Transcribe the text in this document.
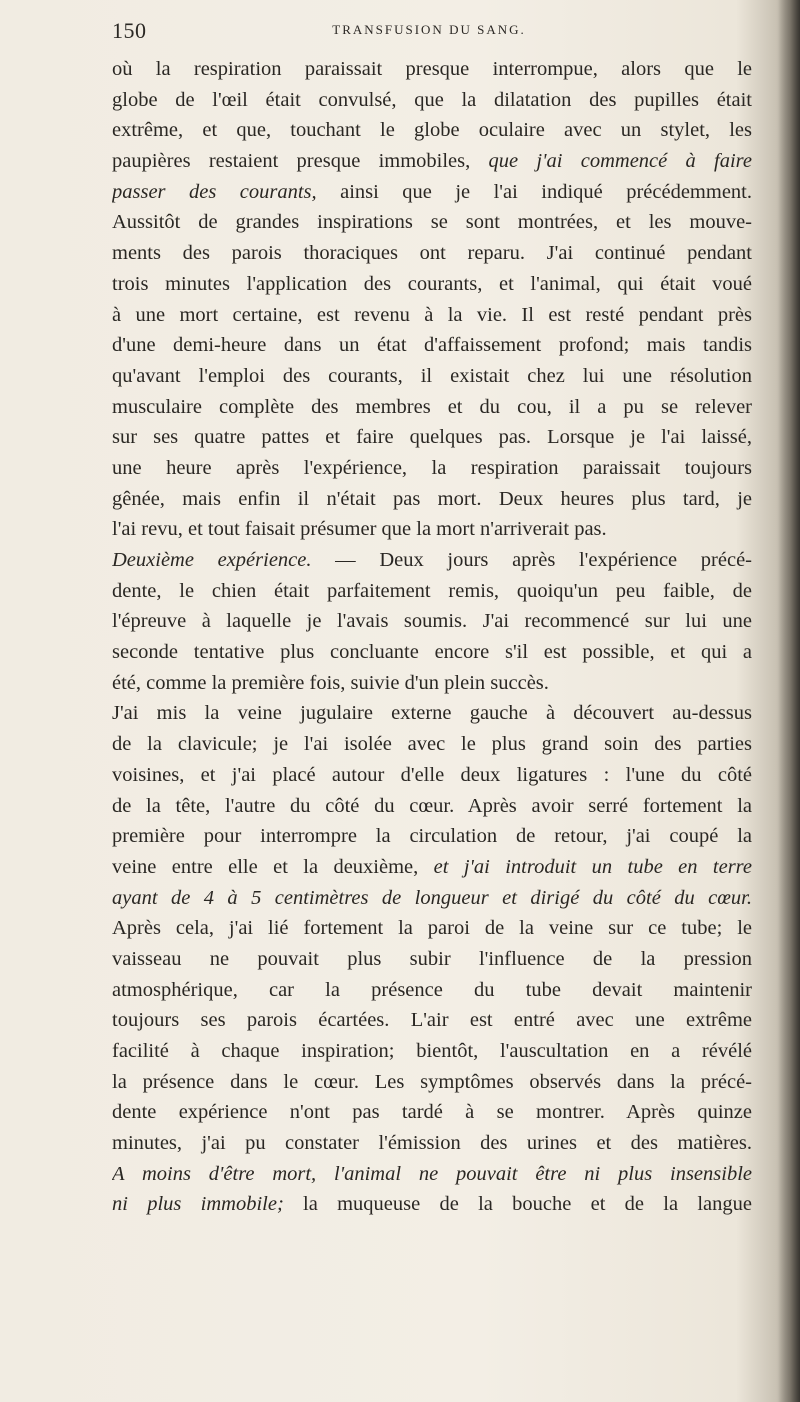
150	TRANSFUSION DU SANG.
où la respiration paraissait presque interrompue, alors que le
globe de l'œil était convulsé, que la dilatation des pupilles était
extrême, et que, touchant le globe oculaire avec un stylet, les
paupières restaient presque immobiles, que j'ai commencé à faire
passer des courants, ainsi que je l'ai indiqué précédemment.
Aussitôt de grandes inspirations se sont montrées, et les mouve-
ments des parois thoraciques ont reparu. J'ai continué pendant
trois minutes l'application des courants, et l'animal, qui était voué
à une mort certaine, est revenu à la vie. Il est resté pendant près
d'une demi-heure dans un état d'affaissement profond; mais tandis
qu'avant l'emploi des courants, il existait chez lui une résolution
musculaire complète des membres et du cou, il a pu se relever
sur ses quatre pattes et faire quelques pas. Lorsque je l'ai laissé,
une heure après l'expérience, la respiration paraissait toujours
gênée, mais enfin il n'était pas mort. Deux heures plus tard, je
l'ai revu, et tout faisait présumer que la mort n'arriverait pas.
Deuxième expérience. — Deux jours après l'expérience précé-
dente, le chien était parfaitement remis, quoiqu'un peu faible, de
l'épreuve à laquelle je l'avais soumis. J'ai recommencé sur lui une
seconde tentative plus concluante encore s'il est possible, et qui a
été, comme la première fois, suivie d'un plein succès.
J'ai mis la veine jugulaire externe gauche à découvert au-dessus
de la clavicule; je l'ai isolée avec le plus grand soin des parties
voisines, et j'ai placé autour d'elle deux ligatures : l'une du côté
de la tête, l'autre du côté du cœur. Après avoir serré fortement la
première pour interrompre la circulation de retour, j'ai coupé la
veine entre elle et la deuxième, et j'ai introduit un tube en terre
ayant de 4 à 5 centimètres de longueur et dirigé du côté du cœur.
Après cela, j'ai lié fortement la paroi de la veine sur ce tube; le
vaisseau ne pouvait plus subir l'influence de la pression
atmosphérique, car la présence du tube devait maintenir
toujours ses parois écartées. L'air est entré avec une extrême
facilité à chaque inspiration; bientôt, l'auscultation en a révélé
la présence dans le cœur. Les symptômes observés dans la précé-
dente expérience n'ont pas tardé à se montrer. Après quinze
minutes, j'ai pu constater l'émission des urines et des matières.
A moins d'être mort, l'animal ne pouvait être ni plus insensible
ni plus immobile; la muqueuse de la bouche et de la langue
